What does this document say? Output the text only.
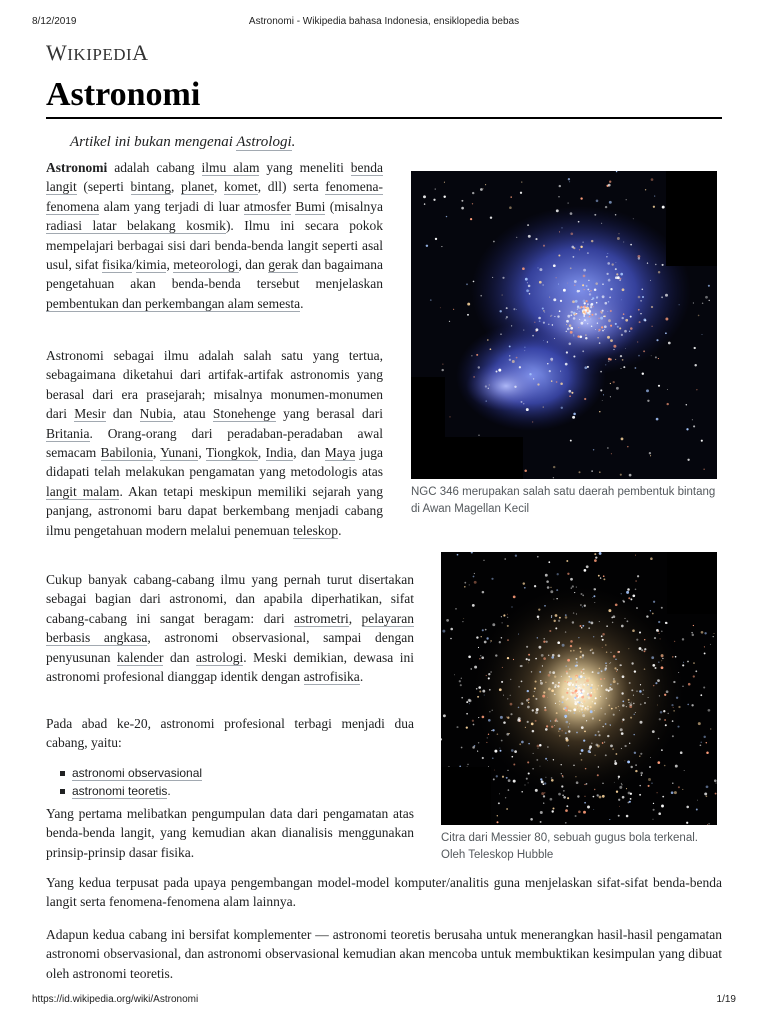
8/12/2019	Astronomi - Wikipedia bahasa Indonesia, ensiklopedia bebas
WIKIPEDIA
Astronomi
Artikel ini bukan mengenai Astrologi.

Astronomi adalah cabang ilmu alam yang meneliti benda langit (seperti bintang, planet, komet, dll) serta fenomena-fenomena alam yang terjadi di luar atmosfer Bumi (misalnya radiasi latar belakang kosmik). Ilmu ini secara pokok mempelajari berbagai sisi dari benda-benda langit seperti asal usul, sifat fisika/kimia, meteorologi, dan gerak dan bagaimana pengetahuan akan benda-benda tersebut menjelaskan pembentukan dan perkembangan alam semesta.

Astronomi sebagai ilmu adalah salah satu yang tertua, sebagaimana diketahui dari artifak-artifak astronomis yang berasal dari era prasejarah; misalnya monumen-monumen dari Mesir dan Nubia, atau Stonehenge yang berasal dari Britania. Orang-orang dari peradaban-peradaban awal semacam Babilonia, Yunani, Tiongkok, India, dan Maya juga didapati telah melakukan pengamatan yang metodologis atas langit malam. Akan tetapi meskipun memiliki sejarah yang panjang, astronomi baru dapat berkembang menjadi cabang ilmu pengetahuan modern melalui penemuan teleskop.

Cukup banyak cabang-cabang ilmu yang pernah turut disertakan sebagai bagian dari astronomi, dan apabila diperhatikan, sifat cabang-cabang ini sangat beragam: dari astrometri, pelayaran berbasis angkasa, astronomi observasional, sampai dengan penyusunan kalender dan astrologi. Meski demikian, dewasa ini astronomi profesional dianggap identik dengan astrofisika.

Pada abad ke-20, astronomi profesional terbagi menjadi dua cabang, yaitu:

astronomi observasional
astronomi teoretis.

Yang pertama melibatkan pengumpulan data dari pengamatan atas benda-benda langit, yang kemudian akan dianalisis menggunakan prinsip-prinsip dasar fisika.

Yang kedua terpusat pada upaya pengembangan model-model komputer/analitis guna menjelaskan sifat-sifat benda-benda langit serta fenomena-fenomena alam lainnya.

Adapun kedua cabang ini bersifat komplementer — astronomi teoretis berusaha untuk menerangkan hasil-hasil pengamatan astronomi observasional, dan astronomi observasional kemudian akan mencoba untuk membuktikan kesimpulan yang dibuat oleh astronomi teoretis.

NGC 346 merupakan salah satu daerah pembentuk bintang di Awan Magellan Kecil
Citra dari Messier 80, sebuah gugus bola terkenal. Oleh Teleskop Hubble
https://id.wikipedia.org/wiki/Astronomi	1/19
